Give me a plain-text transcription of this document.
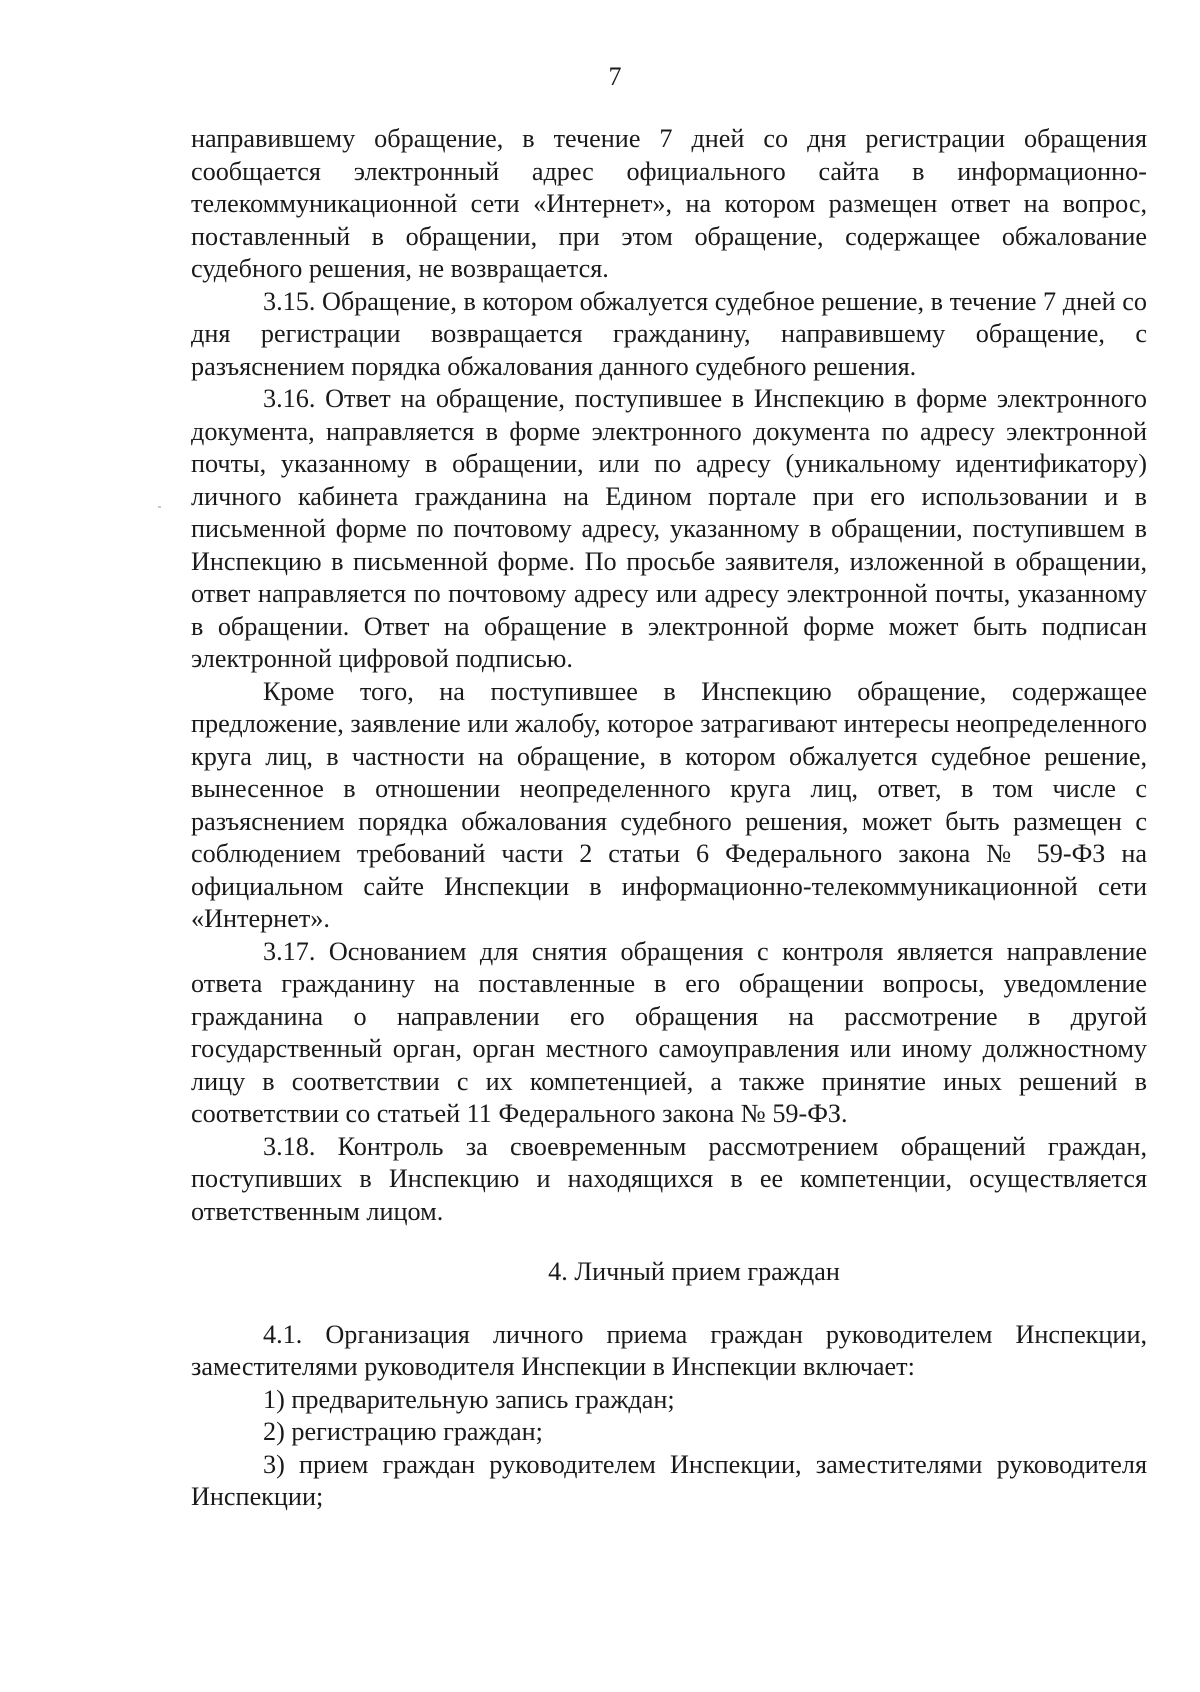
7

направившему обращение, в течение 7 дней со дня регистрации обращения сообщается электронный адрес официального сайта в информационно-телекоммуникационной сети «Интернет», на котором размещен ответ на вопрос, поставленный в обращении, при этом обращение, содержащее обжалование судебного решения, не возвращается.

3.15. Обращение, в котором обжалуется судебное решение, в течение 7 дней со дня регистрации возвращается гражданину, направившему обращение, с разъяснением порядка обжалования данного судебного решения.

3.16. Ответ на обращение, поступившее в Инспекцию в форме электронного документа, направляется в форме электронного документа по адресу электронной почты, указанному в обращении, или по адресу (уникальному идентификатору) личного кабинета гражданина на Едином портале при его использовании и в письменной форме по почтовому адресу, указанному в обращении, поступившем в Инспекцию в письменной форме. По просьбе заявителя, изложенной в обращении, ответ направляется по почтовому адресу или адресу электронной почты, указанному в обращении. Ответ на обращение в электронной форме может быть подписан электронной цифровой подписью.

Кроме того, на поступившее в Инспекцию обращение, содержащее предложение, заявление или жалобу, которое затрагивают интересы неопределенного круга лиц, в частности на обращение, в котором обжалуется судебное решение, вынесенное в отношении неопределенного круга лиц, ответ, в том числе с разъяснением порядка обжалования судебного решения, может быть размещен с соблюдением требований части 2 статьи 6 Федерального закона № 59-ФЗ на официальном сайте Инспекции в информационно-телекоммуникационной сети «Интернет».

3.17. Основанием для снятия обращения с контроля является направление ответа гражданину на поставленные в его обращении вопросы, уведомление гражданина о направлении его обращения на рассмотрение в другой государственный орган, орган местного самоуправления или иному должностному лицу в соответствии с их компетенцией, а также принятие иных решений в соответствии со статьей 11 Федерального закона № 59-ФЗ.

3.18. Контроль за своевременным рассмотрением обращений граждан, поступивших в Инспекцию и находящихся в ее компетенции, осуществляется ответственным лицом.

4. Личный прием граждан

4.1. Организация личного приема граждан руководителем Инспекции, заместителями руководителя Инспекции в Инспекции включает:

1) предварительную запись граждан;

2) регистрацию граждан;

3) прием граждан руководителем Инспекции, заместителями руководителя Инспекции;
